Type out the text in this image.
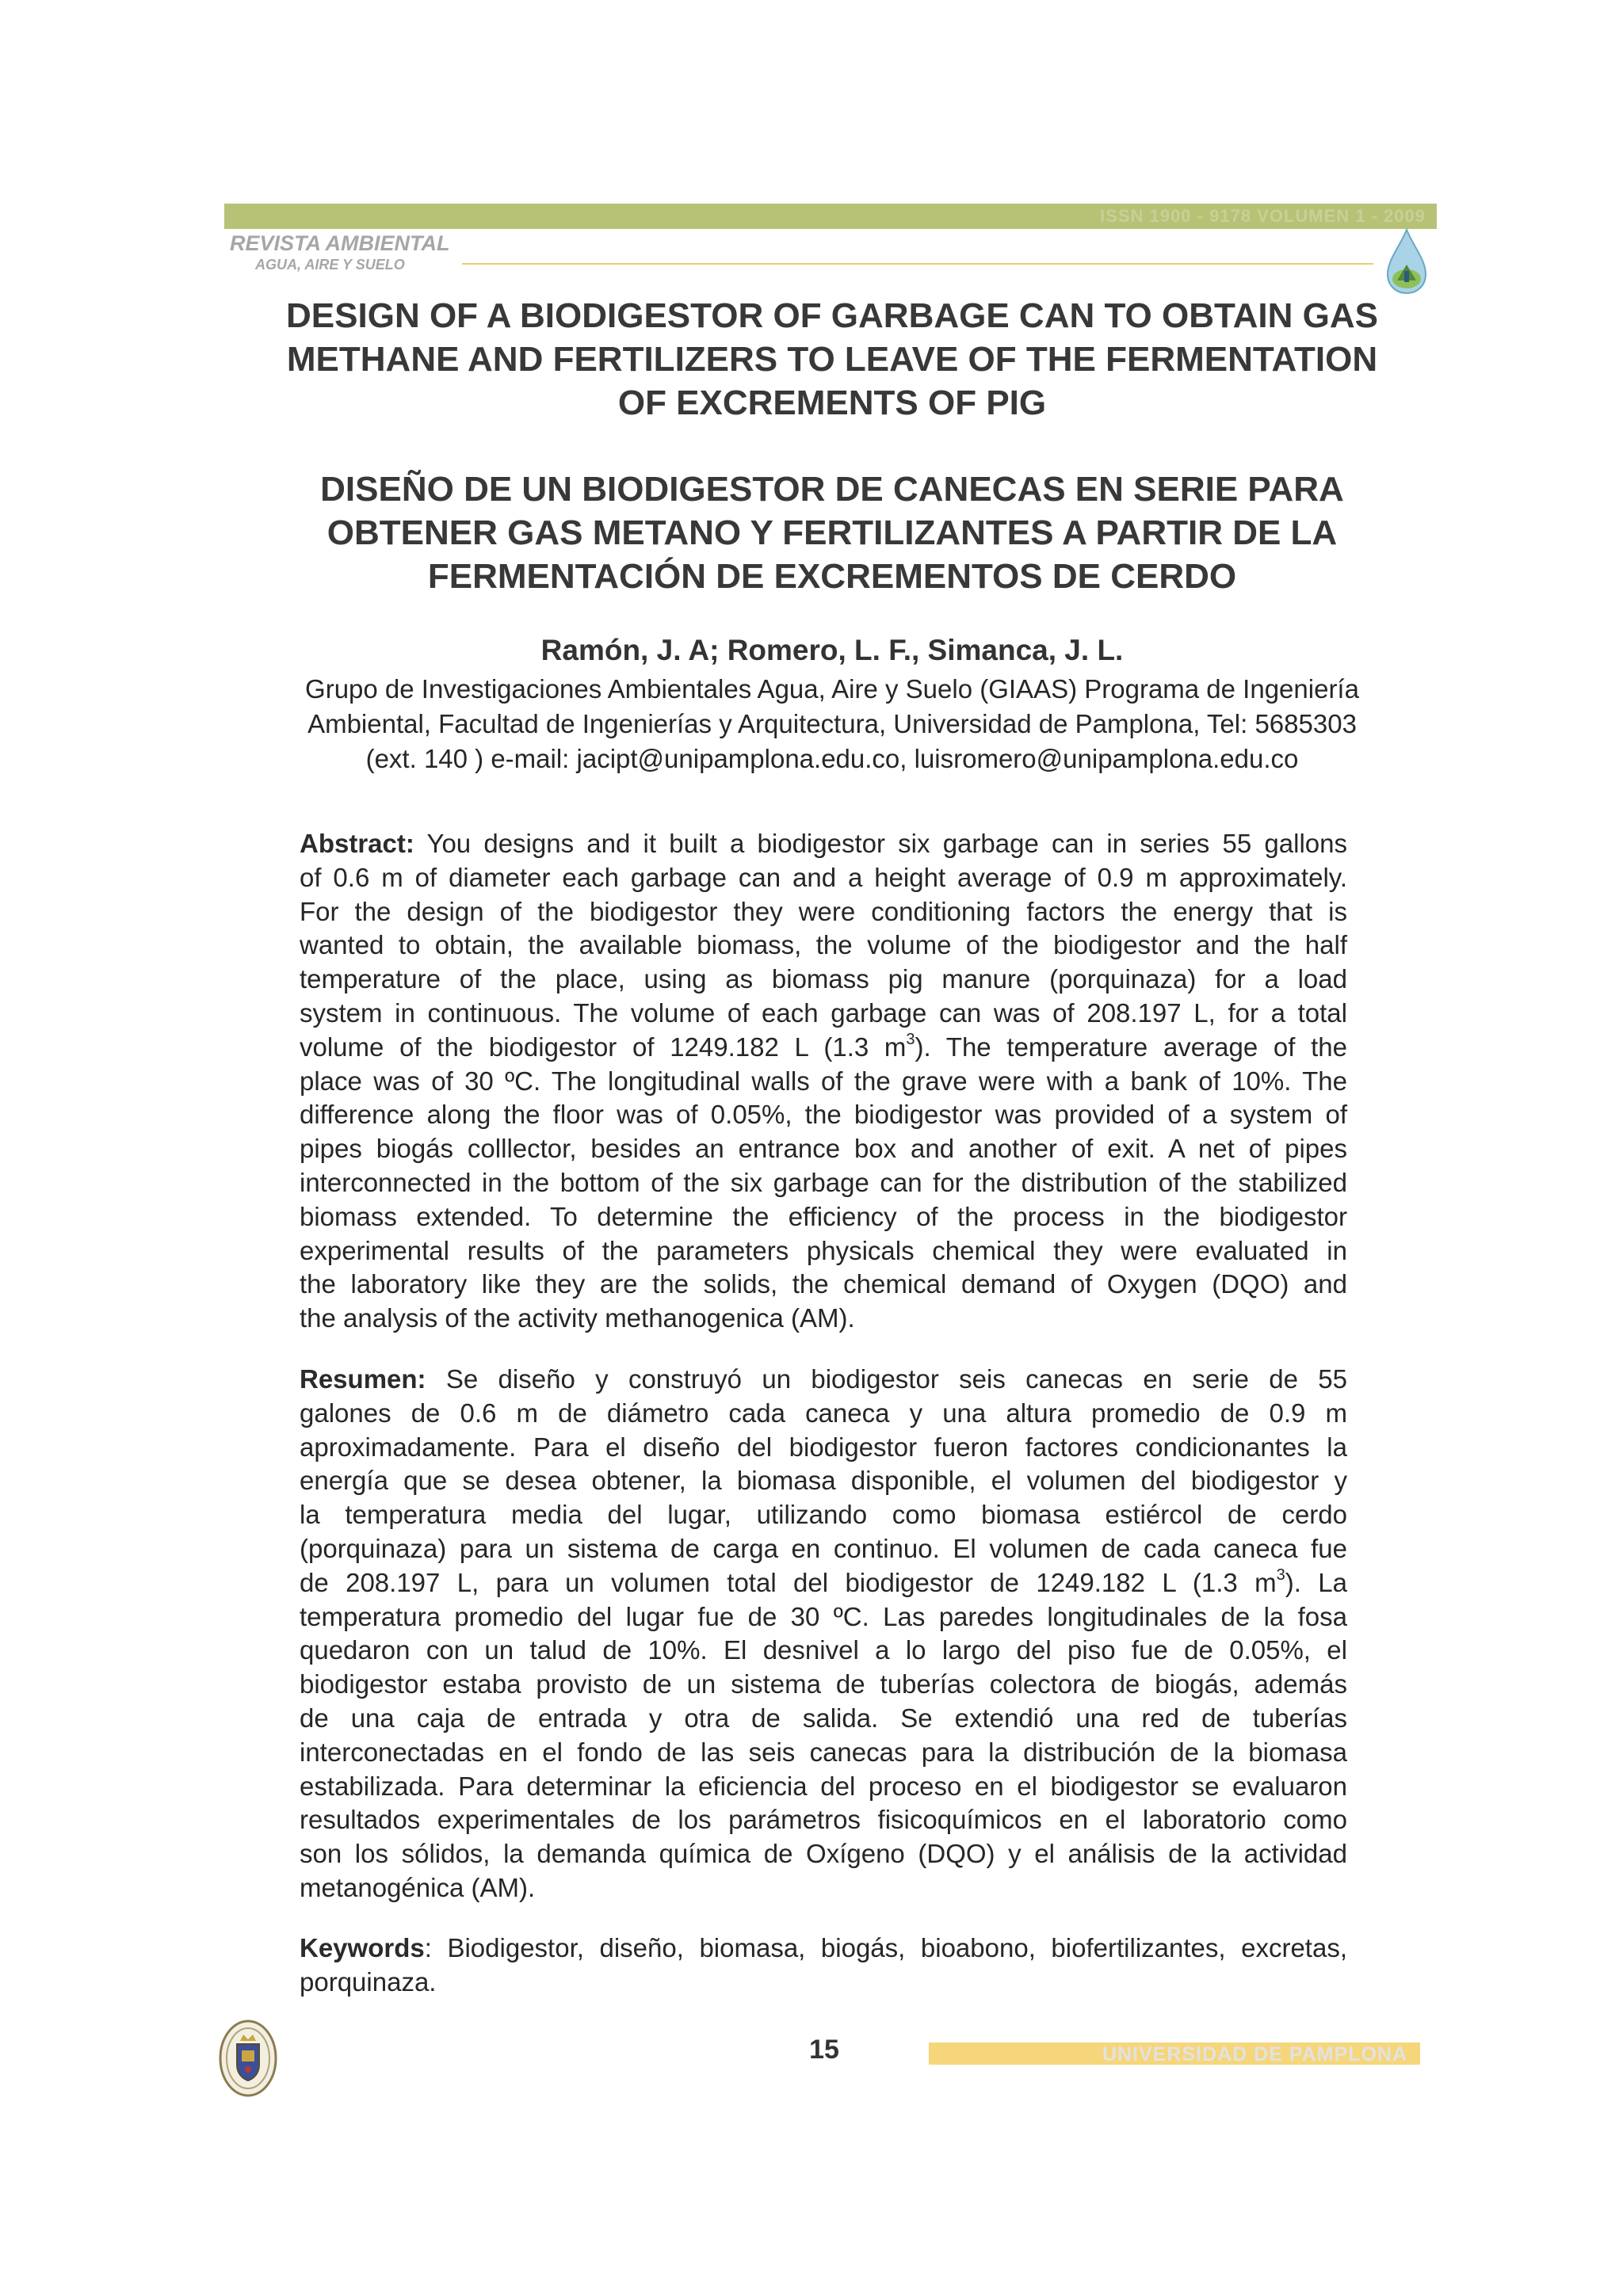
ISSN 1900 - 9178 VOLUMEN 1 - 2009
REVISTA AMBIENTAL
AGUA, AIRE Y SUELO
DESIGN OF A BIODIGESTOR OF GARBAGE CAN TO OBTAIN GAS
METHANE AND FERTILIZERS TO LEAVE OF THE FERMENTATION
OF EXCREMENTS OF PIG
DISEÑO DE UN BIODIGESTOR DE CANECAS EN SERIE PARA
OBTENER GAS METANO Y FERTILIZANTES A PARTIR DE LA
FERMENTACIÓN DE EXCREMENTOS DE CERDO
Ramón, J. A; Romero, L. F., Simanca, J. L.
Grupo de Investigaciones Ambientales Agua, Aire y Suelo (GIAAS) Programa de Ingeniería
Ambiental, Facultad de Ingenierías y Arquitectura, Universidad de Pamplona, Tel: 5685303
(ext. 140 ) e-mail: jacipt@unipamplona.edu.co, luisromero@unipamplona.edu.co
Abstract: You designs and it built a biodigestor six garbage can in series 55 gallons
of 0.6 m of diameter each garbage can and a height average of 0.9 m approximately.
For the design of the biodigestor they were conditioning factors the energy that is
wanted to obtain, the available biomass, the volume of the biodigestor and the half
temperature of the place, using as biomass pig manure (porquinaza) for a load
system in continuous. The volume of each garbage can was of 208.197 L, for a total
volume of the biodigestor of 1249.182 L (1.3 $m^3$). The temperature average of the
place was of 30 ºC. The longitudinal walls of the grave were with a bank of 10%. The
difference along the floor was of 0.05%, the biodigestor was provided of a system of
pipes biogás colllector, besides an entrance box and another of exit. A net of pipes
interconnected in the bottom of the six garbage can for the distribution of the stabilized
biomass extended. To determine the efficiency of the process in the biodigestor
experimental results of the parameters physicals chemical they were evaluated in
the laboratory like they are the solids, the chemical demand of Oxygen (DQO) and
the analysis of the activity methanogenica (AM).
Resumen: Se diseño y construyó un biodigestor seis canecas en serie de 55
galones de 0.6 m de diámetro cada caneca y una altura promedio de 0.9 m
aproximadamente. Para el diseño del biodigestor fueron factores condicionantes la
energía que se desea obtener, la biomasa disponible, el volumen del biodigestor y
la temperatura media del lugar, utilizando como biomasa estiércol de cerdo
(porquinaza) para un sistema de carga en continuo. El volumen de cada caneca fue
de 208.197 L, para un volumen total del biodigestor de 1249.182 L (1.3 $m^3$). La
temperatura promedio del lugar fue de 30 ºC. Las paredes longitudinales de la fosa
quedaron con un talud de 10%. El desnivel a lo largo del piso fue de 0.05%, el
biodigestor estaba provisto de un sistema de tuberías colectora de biogás, además
de una caja de entrada y otra de salida. Se extendió una red de tuberías
interconectadas en el fondo de las seis canecas para la distribución de la biomasa
estabilizada. Para determinar la eficiencia del proceso en el biodigestor se evaluaron
resultados experimentales de los parámetros fisicoquímicos en el laboratorio como
son los sólidos, la demanda química de Oxígeno (DQO) y el análisis de la actividad
metanogénica (AM).
Keywords: Biodigestor, diseño, biomasa, biogás, bioabono, biofertilizantes, excretas,
porquinaza.
15	UNIVERSIDAD DE PAMPLONA
